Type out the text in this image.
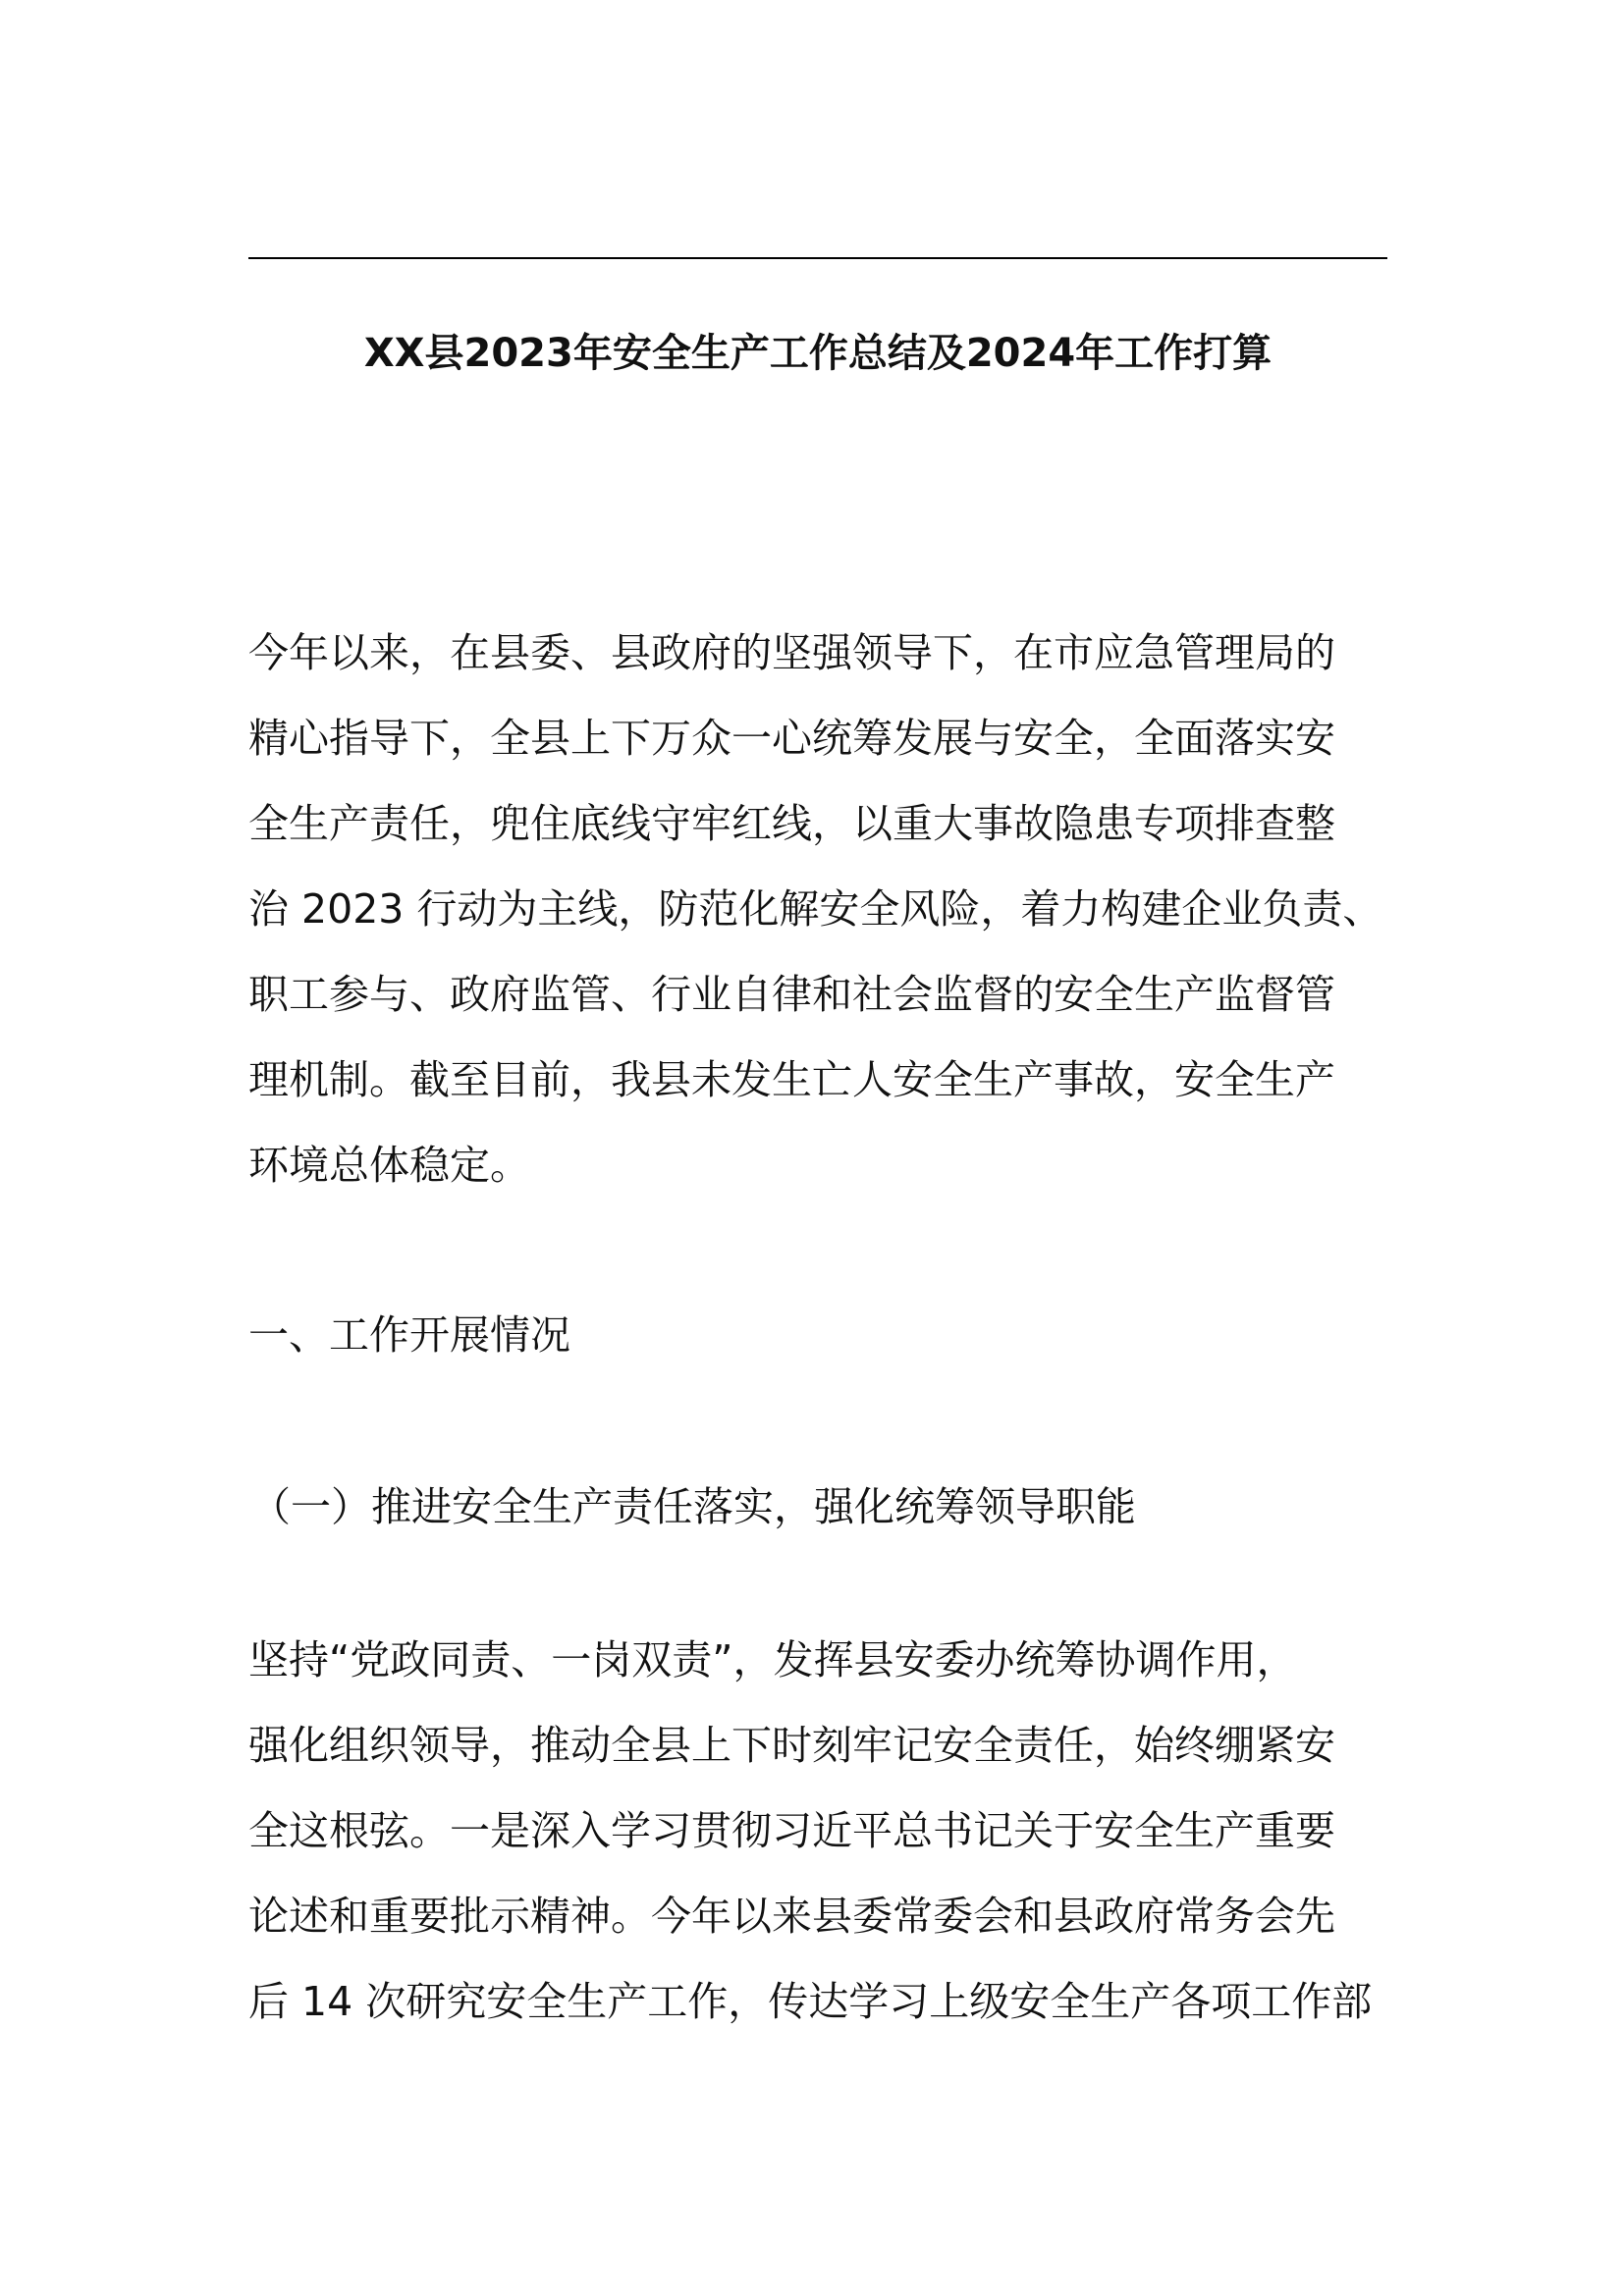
XX县2023年安全生产工作总结及2024年工作打算
今年以来，在县委、县政府的坚强领导下，在市应急管理局的
精心指导下，全县上下万众一心统筹发展与安全，全面落实安
全生产责任，兜住底线守牢红线，以重大事故隐患专项排查整
治 2023 行动为主线，防范化解安全风险，着力构建企业负责、
职工参与、政府监管、行业自律和社会监督的安全生产监督管
理机制。截至目前，我县未发生亡人安全生产事故，安全生产
环境总体稳定。
一、工作开展情况
（一）推进安全生产责任落实，强化统筹领导职能
坚持“党政同责、一岗双责”，发挥县安委办统筹协调作用，
强化组织领导，推动全县上下时刻牢记安全责任，始终绷紧安
全这根弦。一是深入学习贯彻习近平总书记关于安全生产重要
论述和重要批示精神。今年以来县委常委会和县政府常务会先
后 14 次研究安全生产工作，传达学习上级安全生产各项工作部
